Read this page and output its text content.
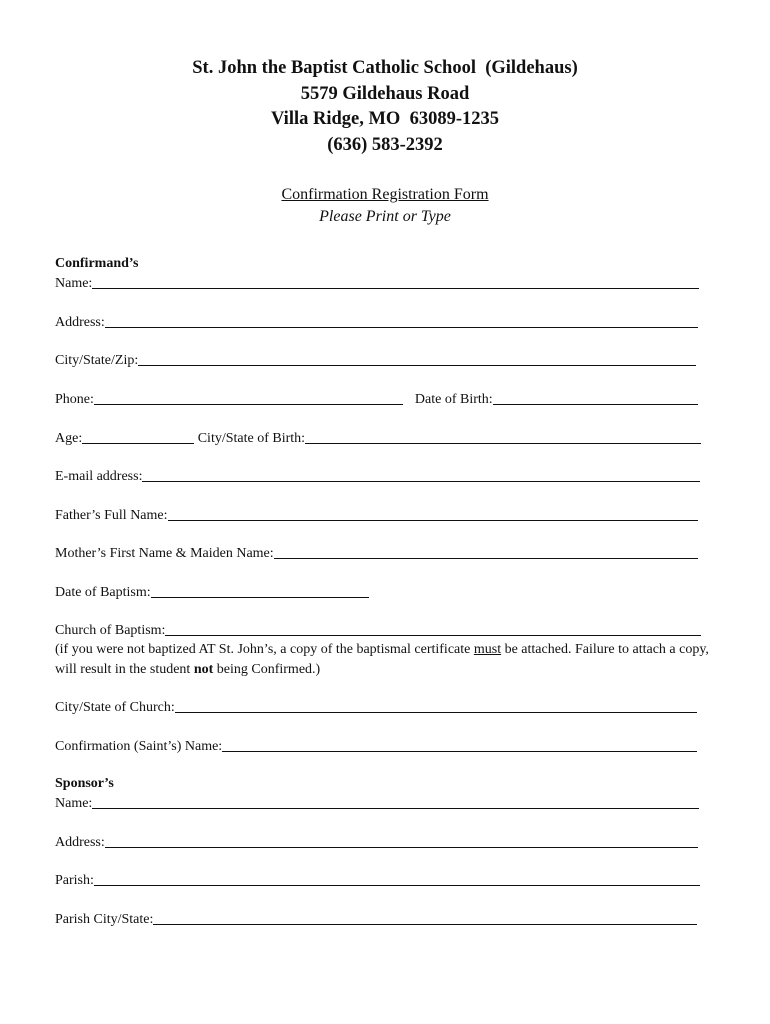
St. John the Baptist Catholic School  (Gildehaus)
5579 Gildehaus Road
Villa Ridge, MO  63089-1235
(636) 583-2392
Confirmation Registration Form
Please Print or Type
Confirmand’s
Name:
Address:
City/State/Zip:
Phone:	Date of Birth:
Age:	City/State of Birth:
E-mail address:
Father’s Full Name:
Mother’s First Name & Maiden Name:
Date of Baptism:
Church of Baptism:
(if you were not baptized AT St. John’s, a copy of the baptismal certificate must be attached. Failure to attach a copy, will result in the student not being Confirmed.)
City/State of Church:
Confirmation (Saint’s) Name:
Sponsor’s
Name:
Address:
Parish:
Parish City/State:
